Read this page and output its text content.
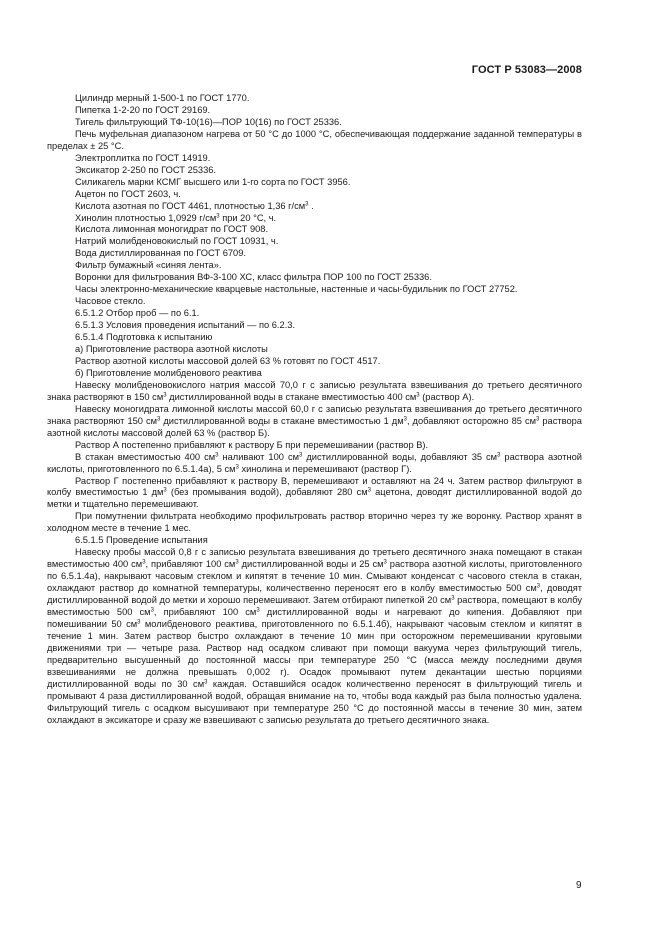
ГОСТ Р 53083—2008

Цилиндр мерный 1-500-1 по ГОСТ 1770.

Пипетка 1-2-20 по ГОСТ 29169.

Тигель фильтрующий ТФ-10(16)—ПОР 10(16) по ГОСТ 25336.

Печь муфельная диапазоном нагрева от 50 °С до 1000 °С, обеспечивающая поддержание заданной температуры в пределах ± 25 °С.

Электроплитка по ГОСТ 14919.

Эксикатор 2-250 по ГОСТ 25336.

Силикагель марки КСМГ высшего или 1-го сорта по ГОСТ 3956.

Ацетон по ГОСТ 2603, ч.

Кислота азотная по ГОСТ 4461, плотностью 1,36 $г/см^3$ .

Хинолин плотностью 1,0929 $г/см^3$ при 20 °С, ч.

Кислота лимонная моногидрат по ГОСТ 908.

Натрий молибденовокислый по ГОСТ 10931, ч.

Вода дистиллированная по ГОСТ 6709.

Фильтр бумажный «синяя лента».

Воронки для фильтрования ВФ-3-100 ХС, класс фильтра ПОР 100 по ГОСТ 25336.

Часы электронно-механические кварцевые настольные, настенные и часы-будильник по ГОСТ 27752.

Часовое стекло.

6.5.1.2 Отбор проб — по 6.1.

6.5.1.3 Условия проведения испытаний — по 6.2.3.

6.5.1.4 Подготовка к испытанию

а) Приготовление раствора азотной кислоты

Раствор азотной кислоты массовой долей 63 % готовят по ГОСТ 4517.

б) Приготовление молибденового реактива

Навеску молибденовокислого натрия массой 70,0 г с записью результата взвешивания до третьего десятичного знака растворяют в 150 $см^3$ дистиллированной воды в стакане вместимостью 400 $см^3$ (раствор А).

Навеску моногидрата лимонной кислоты массой 60,0 г с записью результата взвешивания до третьего десятичного знака растворяют 150 $см^3$ дистиллированной воды в стакане вместимостью 1 $дм^3$, добавляют осторожно 85 $см^3$ раствора азотной кислоты массовой долей 63 % (раствор Б).

Раствор А постепенно прибавляют к раствору Б при перемешивании (раствор В).

В стакан вместимостью 400 $см^3$ наливают 100 $см^3$ дистиллированной воды, добавляют 35 $см^3$ раствора азотной кислоты, приготовленного по 6.5.1.4а), 5 $см^3$ хинолина и перемешивают (раствор Г).

Раствор Г постепенно прибавляют к раствору В, перемешивают и оставляют на 24 ч. Затем раствор фильтруют в колбу вместимостью 1 $дм^3$ (без промывания водой), добавляют 280 $см^3$ ацетона, доводят дистиллированной водой до метки и тщательно перемешивают.

При помутнении фильтрата необходимо профильтровать раствор вторично через ту же воронку. Раствор хранят в холодном месте в течение 1 мес.

6.5.1.5 Проведение испытания

Навеску пробы массой 0,8 г с записью результата взвешивания до третьего десятичного знака помещают в стакан вместимостью 400 $см^3$, прибавляют 100 $см^3$ дистиллированной воды и 25 $см^3$ раствора азотной кислоты, приготовленного по 6.5.1.4а), накрывают часовым стеклом и кипятят в течение 10 мин. Смывают конденсат с часового стекла в стакан, охлаждают раствор до комнатной температуры, количественно переносят его в колбу вместимостью 500 $см^3$, доводят дистиллированной водой до метки и хорошо перемешивают. Затем отбирают пипеткой 20 $см^3$ раствора, помещают в колбу вместимостью 500 $см^3$, прибавляют 100 $см^3$ дистиллированной воды и нагревают до кипения. Добавляют при помешивании 50 $см^3$ молибденового реактива, приготовленного по 6.5.1.4б), накрывают часовым стеклом и кипятят в течение 1 мин. Затем раствор быстро охлаждают в течение 10 мин при осторожном перемешивании круговыми движениями три — четыре раза. Раствор над осадком сливают при помощи вакуума через фильтрующий тигель, предварительно высушенный до постоянной массы при температуре 250 °С (масса между последними двумя взвешиваниями не должна превышать 0,002 г). Осадок промывают путем декантации шестью порциями дистиллированной воды по 30 $см^3$ каждая. Оставшийся осадок количественно переносят в фильтрующий тигель и промывают 4 раза дистиллированной водой, обращая внимание на то, чтобы вода каждый раз была полностью удалена. Фильтрующий тигель с осадком высушивают при температуре 250 °С до постоянной массы в течение 30 мин, затем охлаждают в эксикаторе и сразу же взвешивают с записью результата до третьего десятичного знака.

9
